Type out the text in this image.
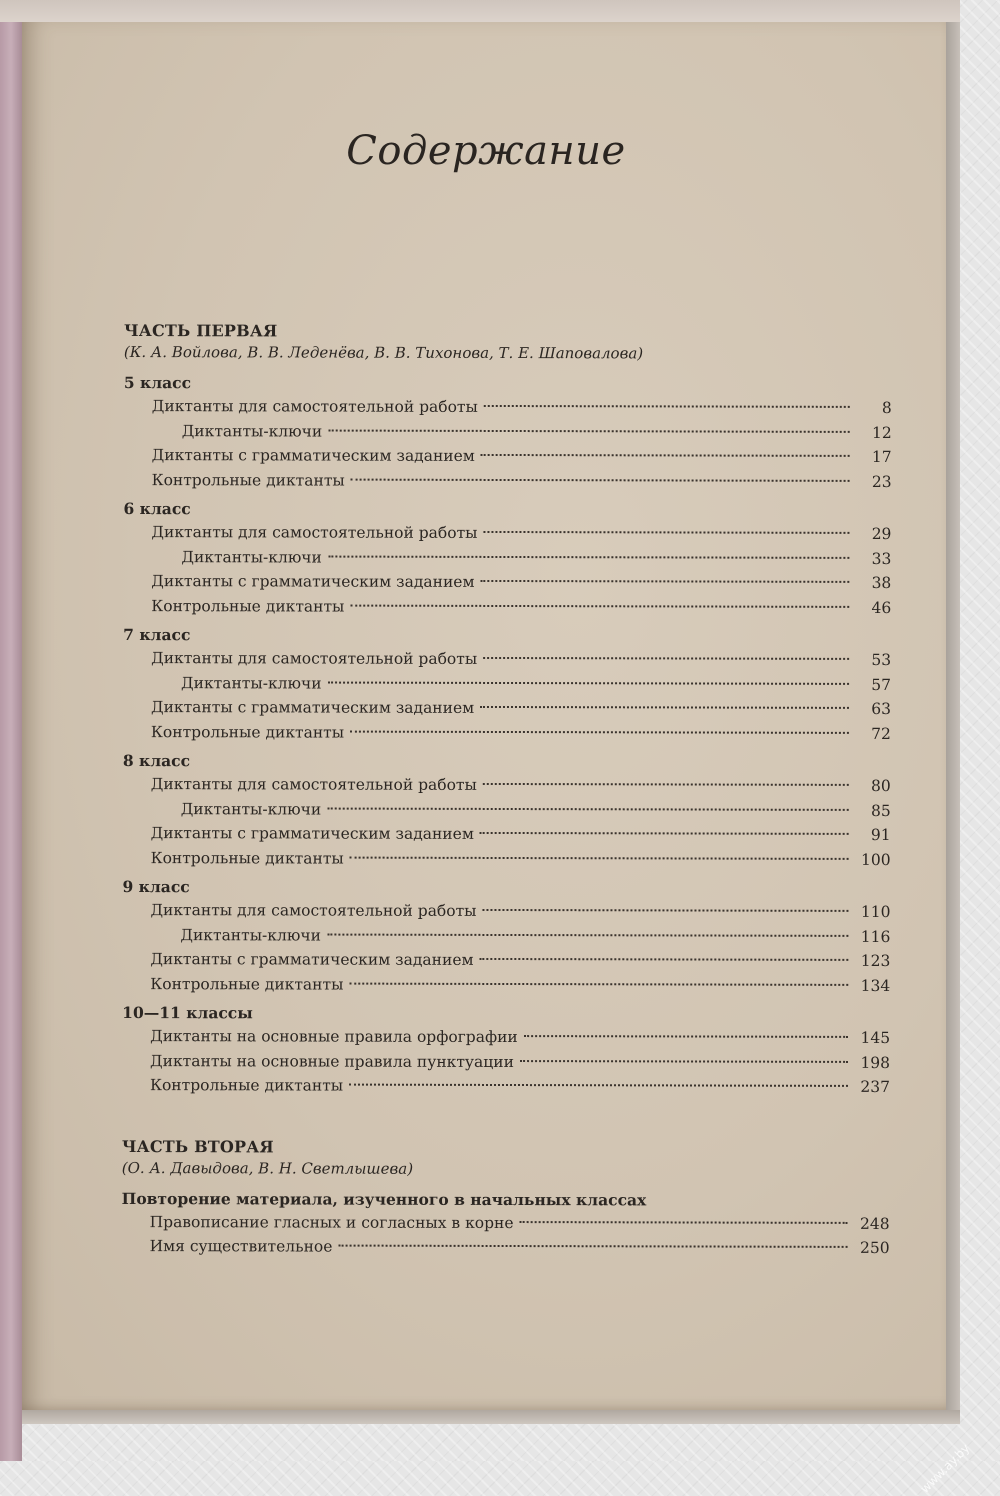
Содержание
ЧАСТЬ ПЕРВАЯ
(К. А. Войлова, В. В. Леденёва, В. В. Тихонова, Т. Е. Шаповалова)
5 класс
Диктанты для самостоятельной работы	8
Диктанты-ключи	12
Диктанты с грамматическим заданием	17
Контрольные диктанты	23
6 класс
Диктанты для самостоятельной работы	29
Диктанты-ключи	33
Диктанты с грамматическим заданием	38
Контрольные диктанты	46
7 класс
Диктанты для самостоятельной работы	53
Диктанты-ключи	57
Диктанты с грамматическим заданием	63
Контрольные диктанты	72
8 класс
Диктанты для самостоятельной работы	80
Диктанты-ключи	85
Диктанты с грамматическим заданием	91
Контрольные диктанты	100
9 класс
Диктанты для самостоятельной работы	110
Диктанты-ключи	116
Диктанты с грамматическим заданием	123
Контрольные диктанты	134
10—11 классы
Диктанты на основные правила орфографии	145
Диктанты на основные правила пунктуации	198
Контрольные диктанты	237
ЧАСТЬ ВТОРАЯ
(О. А. Давыдова, В. Н. Светлышева)
Повторение материала, изученного в начальных классах
Правописание гласных и согласных в корне	248
Имя существительное	250
www.ay.by
